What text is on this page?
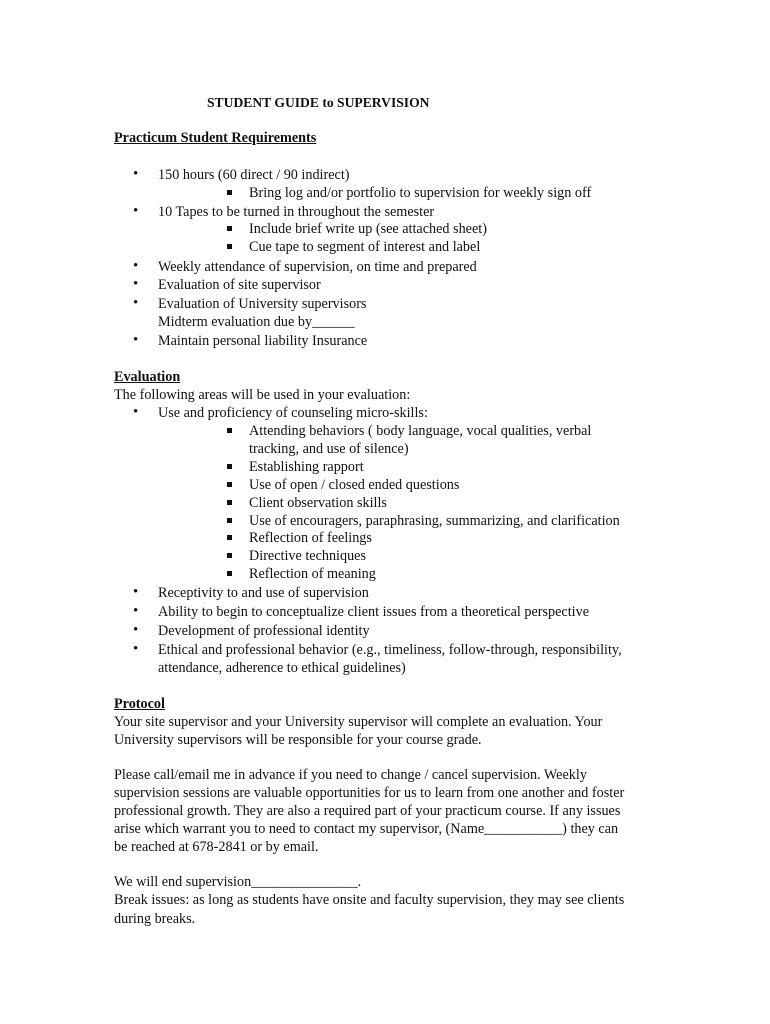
STUDENT GUIDE to SUPERVISION
Practicum Student Requirements
• 150 hours (60 direct / 90 indirect)
Bring log and/or portfolio to supervision for weekly sign off
• 10 Tapes to be turned in throughout the semester
Include brief write up (see attached sheet)
Cue tape to segment of interest and label
• Weekly attendance of supervision, on time and prepared
• Evaluation of site supervisor
• Evaluation of University supervisors
Midterm evaluation due by______
• Maintain personal liability Insurance
Evaluation
The following areas will be used in your evaluation:
• Use and proficiency of counseling micro-skills:
Attending behaviors ( body language, vocal qualities, verbal
tracking, and use of silence)
Establishing rapport
Use of open / closed ended questions
Client observation skills
Use of encouragers, paraphrasing, summarizing, and clarification
Reflection of feelings
Directive techniques
Reflection of meaning
• Receptivity to and use of supervision
• Ability to begin to conceptualize client issues from a theoretical perspective
• Development of professional identity
• Ethical and professional behavior (e.g., timeliness, follow-through, responsibility,
attendance, adherence to ethical guidelines)
Protocol
Your site supervisor and your University supervisor will complete an evaluation. Your
University supervisors will be responsible for your course grade.
Please call/email me in advance if you need to change / cancel supervision. Weekly
supervision sessions are valuable opportunities for us to learn from one another and foster
professional growth. They are also a required part of your practicum course. If any issues
arise which warrant you to need to contact my supervisor, (Name___________) they can
be reached at 678-2841 or by email.
We will end supervision_______________.
Break issues: as long as students have onsite and faculty supervision, they may see clients
during breaks.
